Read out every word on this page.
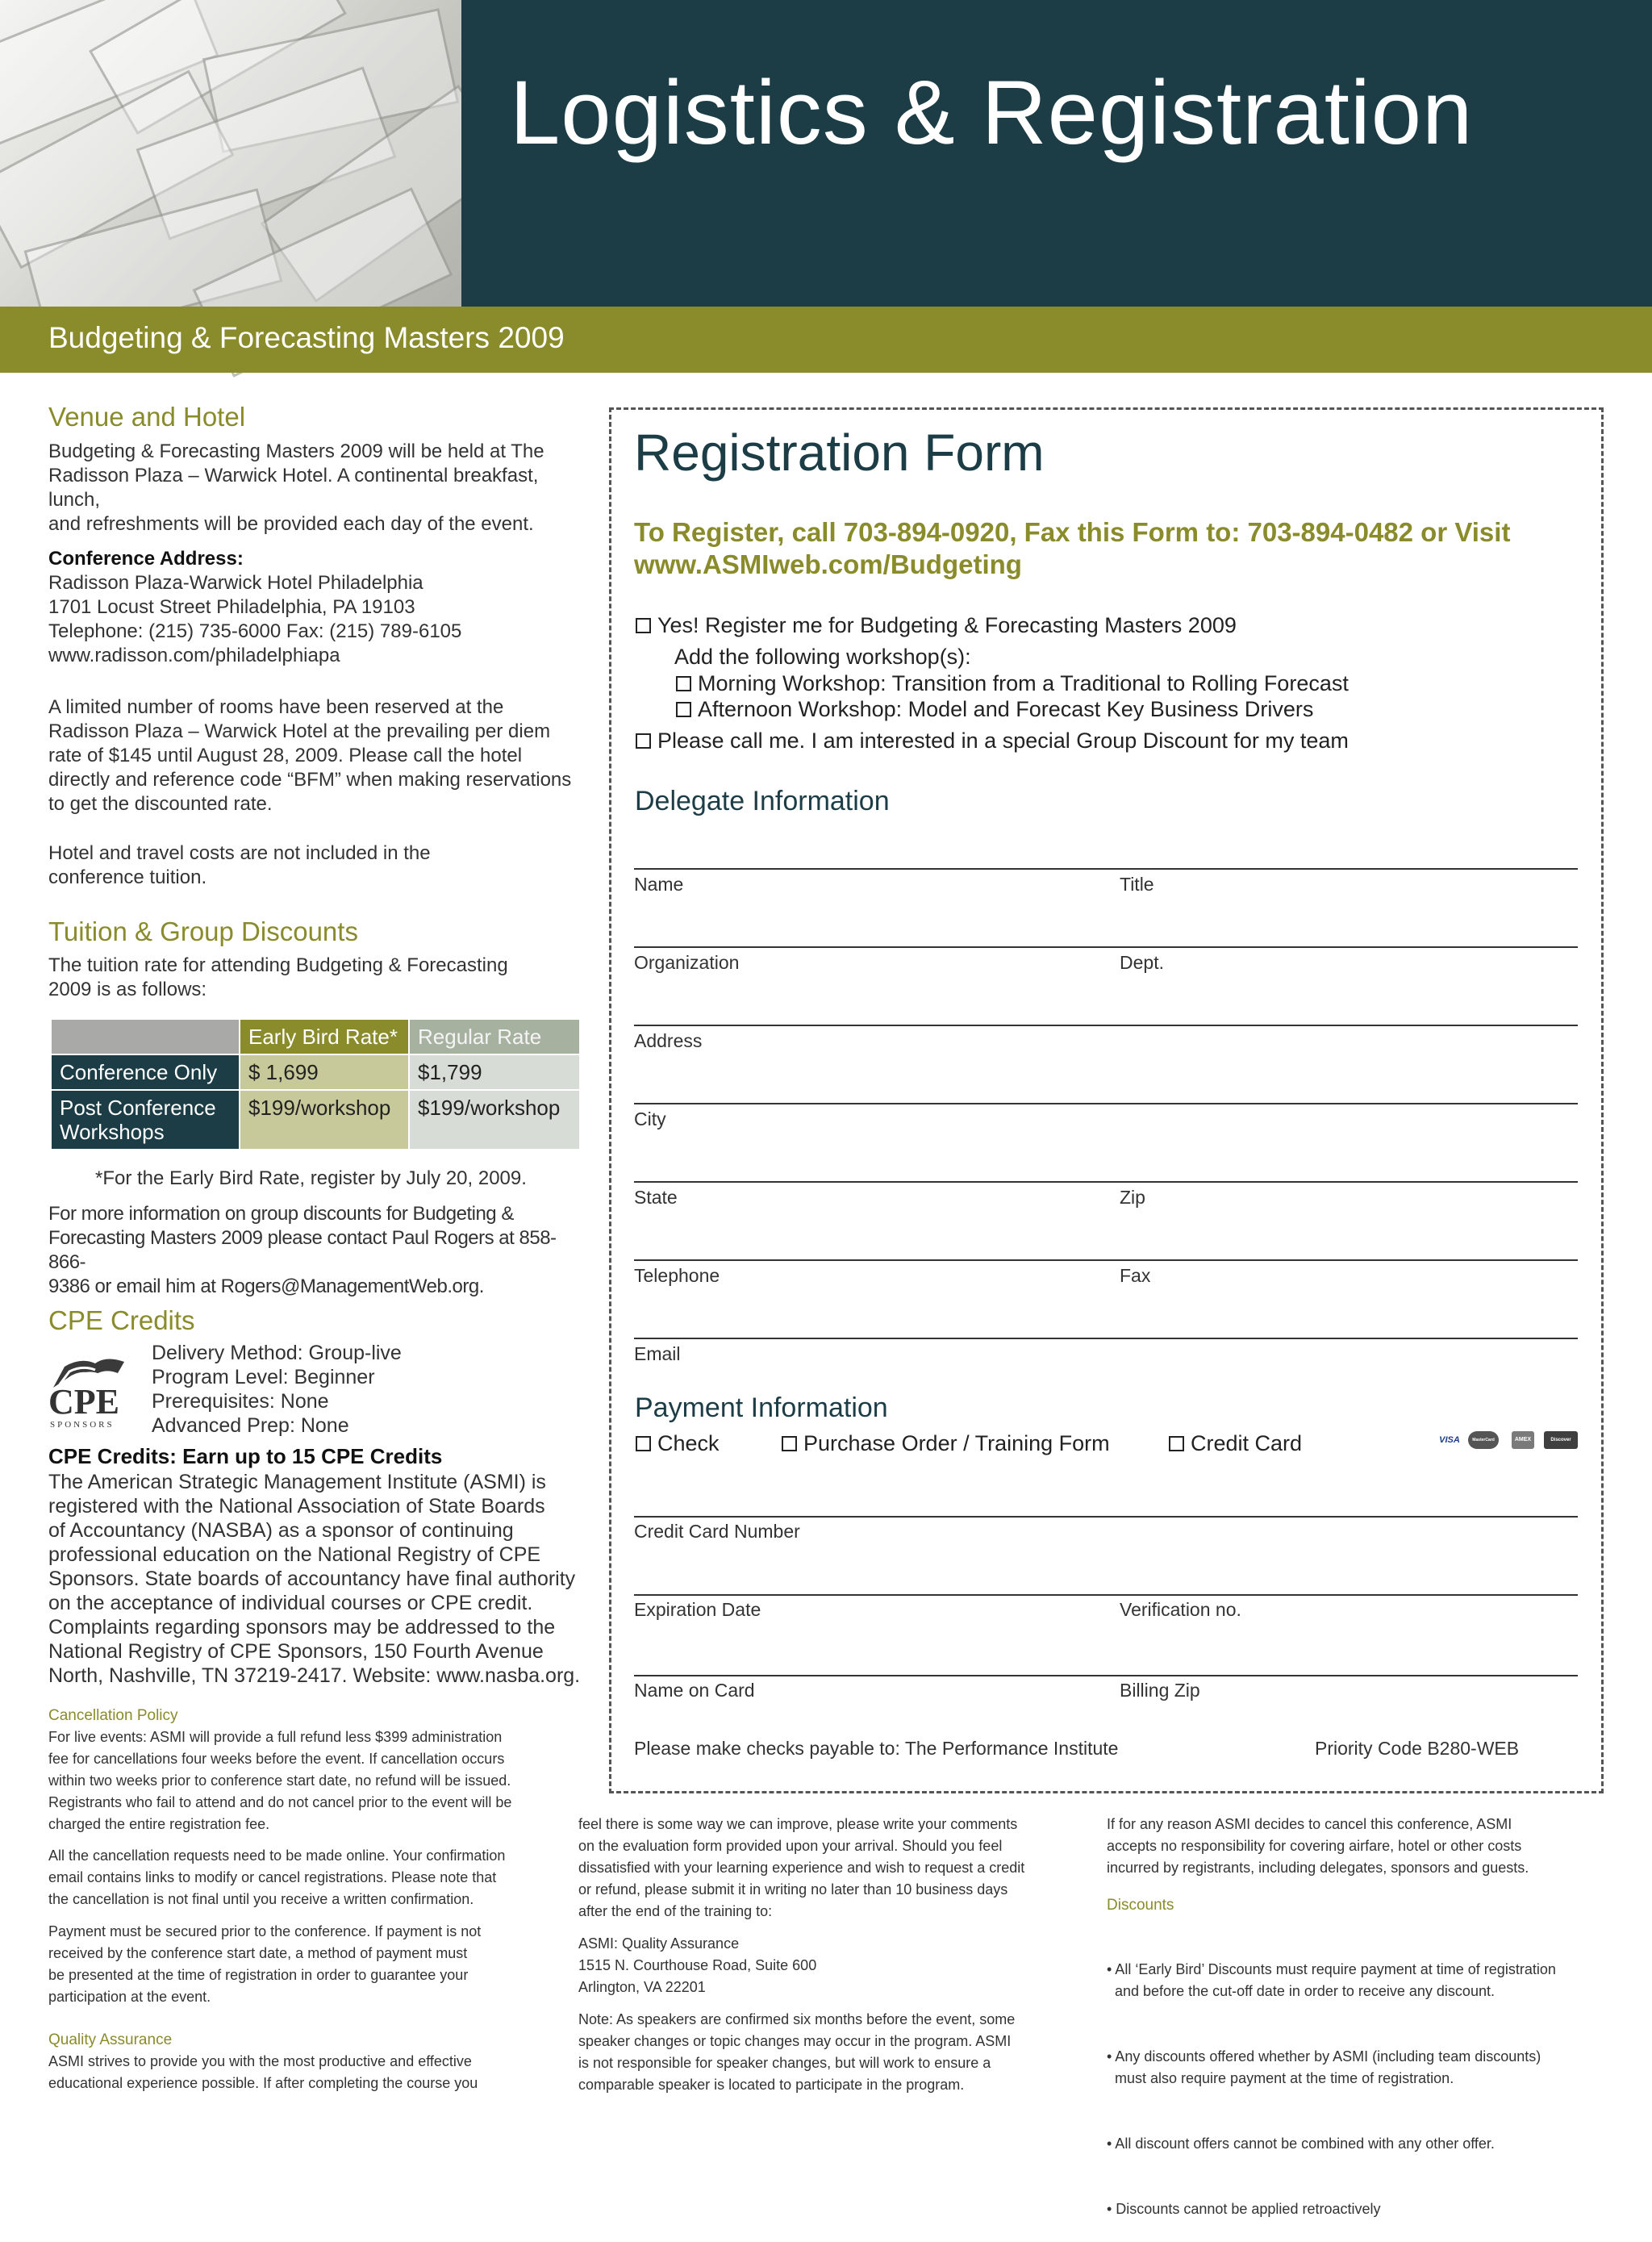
Logistics & Registration
Budgeting & Forecasting Masters 2009
Venue and Hotel
Budgeting & Forecasting Masters 2009 will be held at The
Radisson Plaza – Warwick Hotel. A continental breakfast, lunch,
and refreshments will be provided each day of the event.
Conference Address:
Radisson Plaza-Warwick Hotel Philadelphia
1701 Locust Street Philadelphia, PA 19103
Telephone: (215) 735-6000 Fax: (215) 789-6105
www.radisson.com/philadelphiapa
A limited number of rooms have been reserved at the
Radisson Plaza – Warwick Hotel at the prevailing per diem
rate of $145 until August 28, 2009. Please call the hotel
directly and reference code “BFM” when making reservations
to get the discounted rate.
Hotel and travel costs are not included in the
conference tuition.
Tuition & Group Discounts
The tuition rate for attending Budgeting & Forecasting
2009 is as follows:
	Early Bird Rate*	Regular Rate
Conference Only	$ 1,699	$1,799
Post Conference Workshops	$199/workshop	$199/workshop
*For the Early Bird Rate, register by July 20, 2009.
For more information on group discounts for Budgeting &
Forecasting Masters 2009 please contact Paul Rogers at 858-866-
9386 or email him at Rogers@ManagementWeb.org.
CPE Credits
CPE
SPONSORS
Delivery Method: Group-live
Program Level: Beginner
Prerequisites: None
Advanced Prep: None
CPE Credits: Earn up to 15 CPE Credits
The American Strategic Management Institute (ASMI) is
registered with the National Association of State Boards
of Accountancy (NASBA) as a sponsor of continuing
professional education on the National Registry of CPE
Sponsors. State boards of accountancy have final authority
on the acceptance of individual courses or CPE credit.
Complaints regarding sponsors may be addressed to the
National Registry of CPE Sponsors, 150 Fourth Avenue
North, Nashville, TN 37219-2417. Website: www.nasba.org.
Cancellation Policy
For live events: ASMI will provide a full refund less $399 administration
fee for cancellations four weeks before the event. If cancellation occurs
within two weeks prior to conference start date, no refund will be issued.
Registrants who fail to attend and do not cancel prior to the event will be
charged the entire registration fee.
All the cancellation requests need to be made online. Your confirmation
email contains links to modify or cancel registrations. Please note that
the cancellation is not final until you receive a written confirmation.
Payment must be secured prior to the conference. If payment is not
received by the conference start date, a method of payment must
be presented at the time of registration in order to guarantee your
participation at the event.
Quality Assurance
ASMI strives to provide you with the most productive and effective
educational experience possible. If after completing the course you
feel there is some way we can improve, please write your comments
on the evaluation form provided upon your arrival. Should you feel
dissatisfied with your learning experience and wish to request a credit
or refund, please submit it in writing no later than 10 business days
after the end of the training to:
ASMI: Quality Assurance
1515 N. Courthouse Road, Suite 600
Arlington, VA 22201
Note: As speakers are confirmed six months before the event, some
speaker changes or topic changes may occur in the program. ASMI
is not responsible for speaker changes, but will work to ensure a
comparable speaker is located to participate in the program.
If for any reason ASMI decides to cancel this conference, ASMI
accepts no responsibility for covering airfare, hotel or other costs
incurred by registrants, including delegates, sponsors and guests.
Discounts

• All ‘Early Bird’ Discounts must require payment at time of registration
and before the cut-off date in order to receive any discount.

• Any discounts offered whether by ASMI (including team discounts)
must also require payment at the time of registration.

• All discount offers cannot be combined with any other offer.

• Discounts cannot be applied retroactively

Registration Form
To Register, call 703-894-0920, Fax this Form to: 703-894-0482 or Visit
www.ASMIweb.com/Budgeting
Yes! Register me for Budgeting & Forecasting Masters 2009
Add the following workshop(s):
Morning Workshop: Transition from a Traditional to Rolling Forecast
Afternoon Workshop: Model and Forecast Key Business Drivers
Please call me. I am interested in a special Group Discount for my team
Delegate Information
Name	Title
Organization	Dept.
Address
City
State	Zip
Telephone	Fax
Email
Payment Information
Check	Purchase Order / Training Form	Credit Card	VISA	MasterCard	AMEX	Discover
Credit Card Number
Expiration Date	Verification no.
Name on Card	Billing Zip
Please make checks payable to: The Performance Institute	Priority Code B280-WEB
